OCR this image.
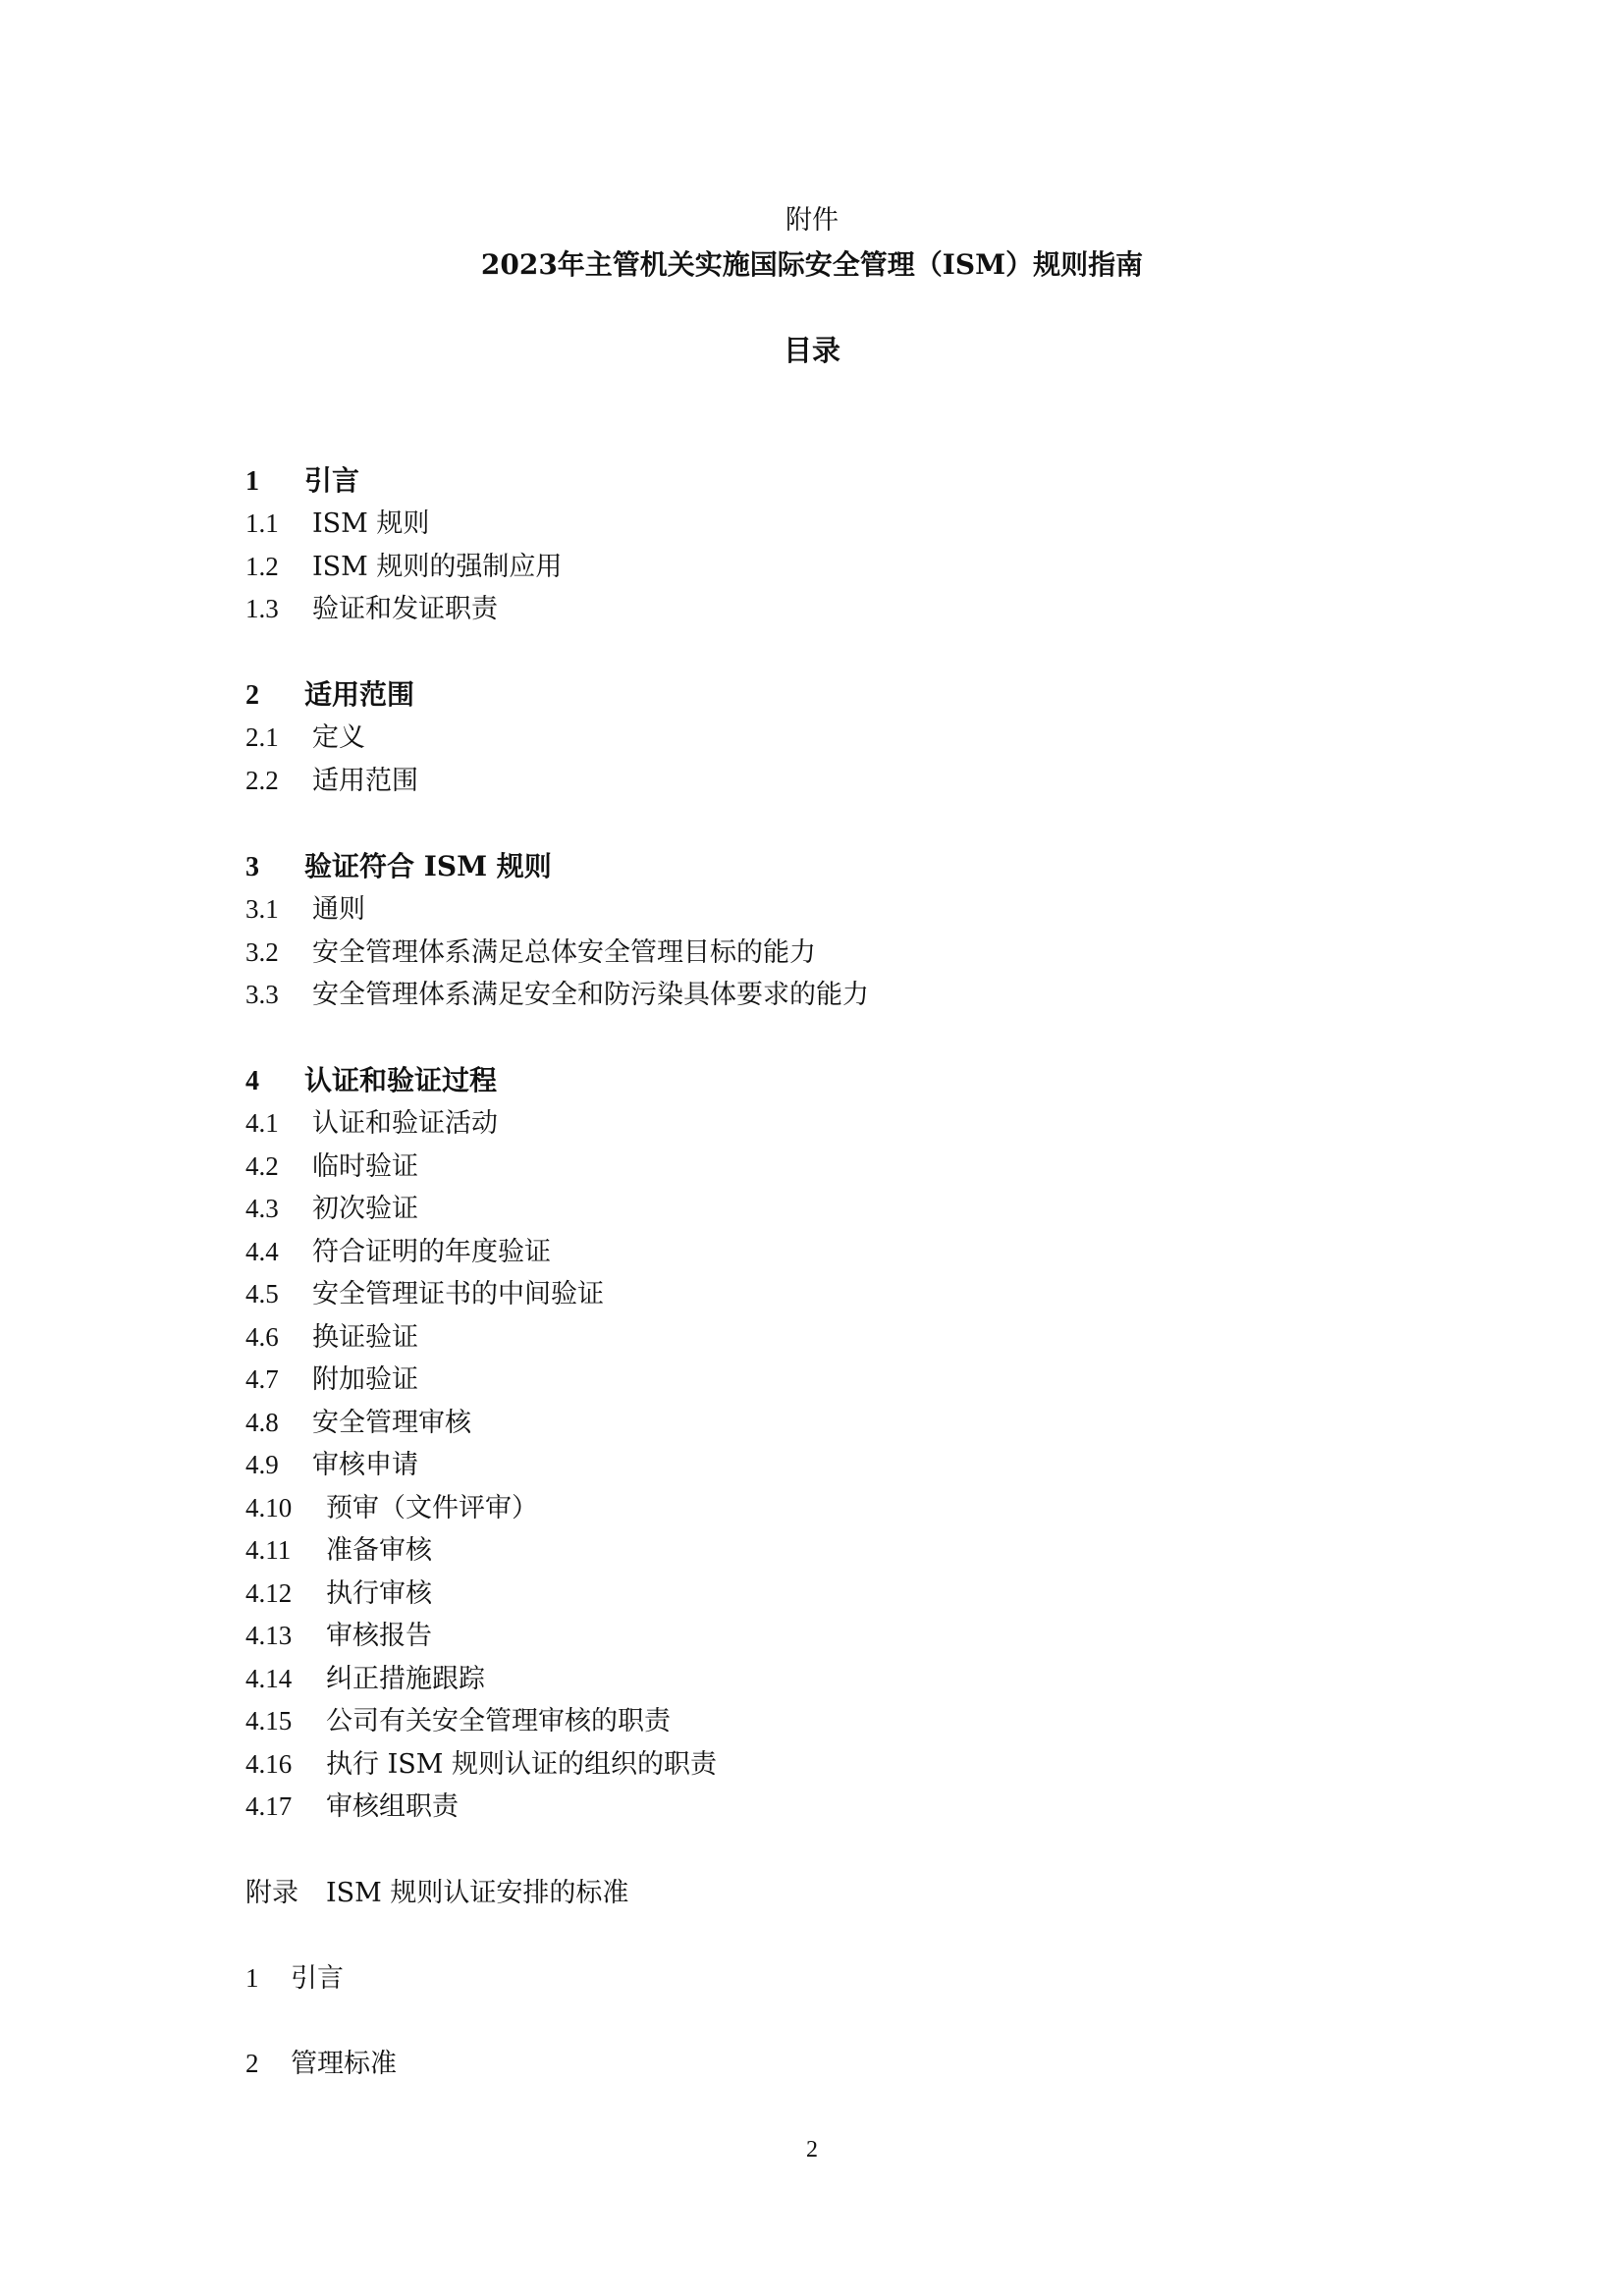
附件
2023年主管机关实施国际安全管理（ISM）规则指南
目录
1 引言
1.1 ISM 规则
1.2 ISM 规则的强制应用
1.3 验证和发证职责
2 适用范围
2.1 定义
2.2 适用范围
3 验证符合 ISM 规则
3.1 通则
3.2 安全管理体系满足总体安全管理目标的能力
3.3 安全管理体系满足安全和防污染具体要求的能力
4 认证和验证过程
4.1 认证和验证活动
4.2 临时验证
4.3 初次验证
4.4 符合证明的年度验证
4.5 安全管理证书的中间验证
4.6 换证验证
4.7 附加验证
4.8 安全管理审核
4.9 审核申请
4.10 预审（文件评审）
4.11 准备审核
4.12 执行审核
4.13 审核报告
4.14 纠正措施跟踪
4.15 公司有关安全管理审核的职责
4.16 执行 ISM 规则认证的组织的职责
4.17 审核组职责
附录 ISM 规则认证安排的标准
1 引言
2 管理标准
2
